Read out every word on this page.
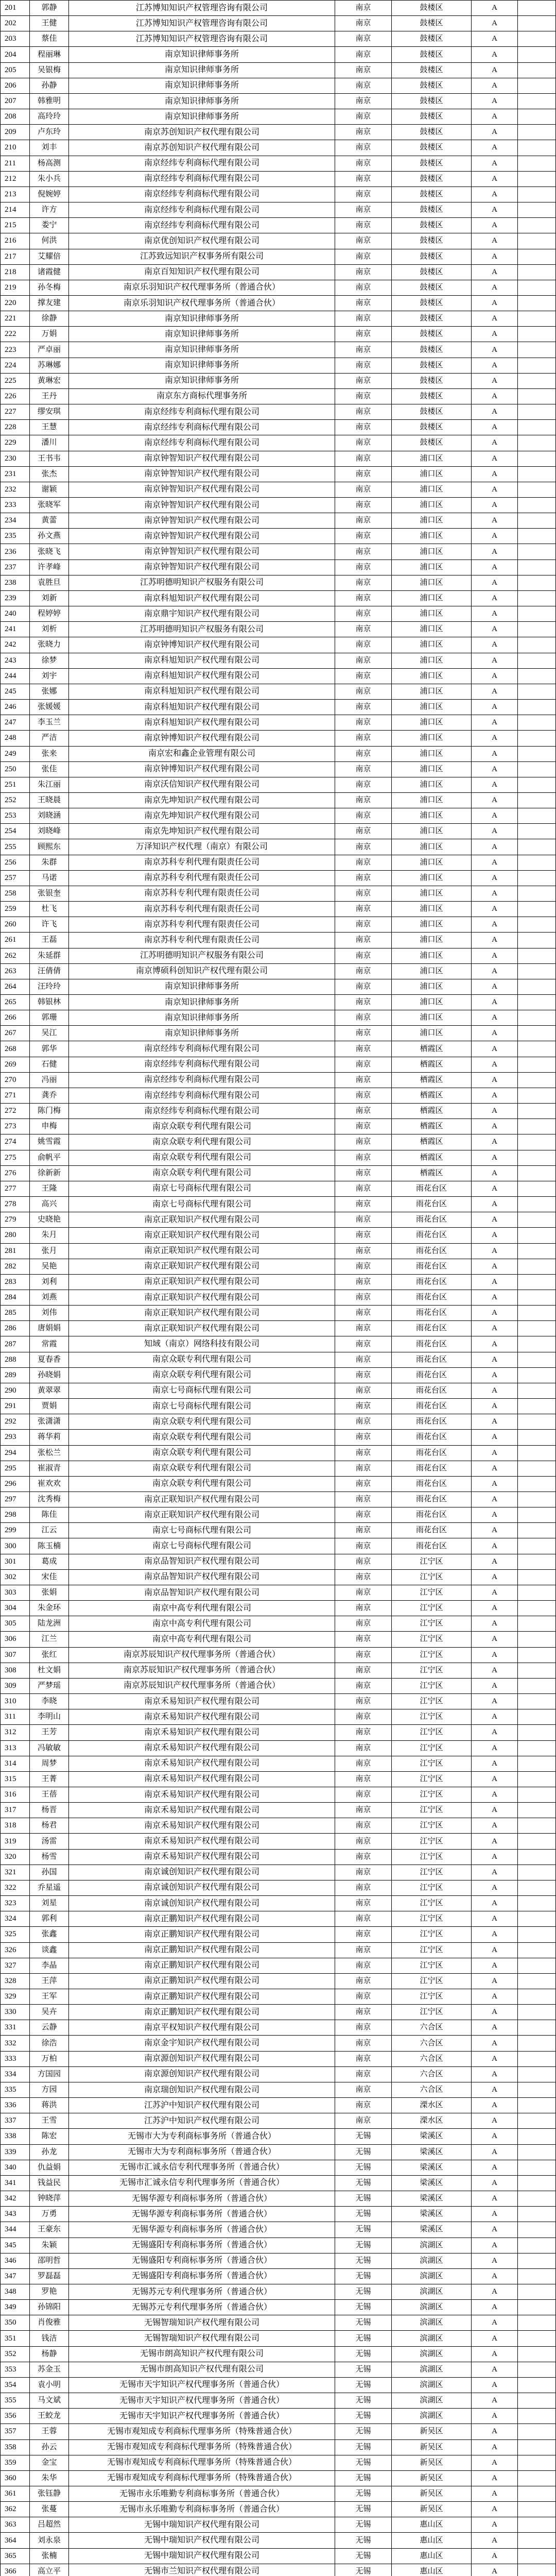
201	郭静	江苏博知知识产权管理咨询有限公司	南京	鼓楼区	A	
202	王健	江苏博知知识产权管理咨询有限公司	南京	鼓楼区	A	
203	蔡佳	江苏博知知识产权管理咨询有限公司	南京	鼓楼区	A	
204	程丽琳	南京知识律师事务所	南京	鼓楼区	A	
205	吴银梅	南京知识律师事务所	南京	鼓楼区	A	
206	孙静	南京知识律师事务所	南京	鼓楼区	A	
207	韩雅明	南京知识律师事务所	南京	鼓楼区	A	
208	高玲玲	南京知识律师事务所	南京	鼓楼区	A	
209	卢东玲	南京苏创知识产权代理有限公司	南京	鼓楼区	A	
210	刘丰	南京苏创知识产权代理有限公司	南京	鼓楼区	A	
211	杨高测	南京经纬专利商标代理有限公司	南京	鼓楼区	A	
212	朱小兵	南京经纬专利商标代理有限公司	南京	鼓楼区	A	
213	倪婉婷	南京经纬专利商标代理有限公司	南京	鼓楼区	A	
214	许方	南京经纬专利商标代理有限公司	南京	鼓楼区	A	
215	娄宁	南京经纬专利商标代理有限公司	南京	鼓楼区	A	
216	何洪	南京优创知识产权代理有限公司	南京	鼓楼区	A	
217	艾耀倍	江苏致远知识产权事务所有限公司	南京	鼓楼区	A	
218	诸霞健	南京百知知识产权代理有限公司	南京	鼓楼区	A	
219	孙冬梅	南京乐羽知识产权代理事务所（普通合伙）	南京	鼓楼区	A	
220	撑友建	南京乐羽知识产权代理事务所（普通合伙）	南京	鼓楼区	A	
221	徐静	南京知识律师事务所	南京	鼓楼区	A	
222	万娟	南京知识律师事务所	南京	鼓楼区	A	
223	严卓丽	南京知识律师事务所	南京	鼓楼区	A	
224	苏琳娜	南京知识律师事务所	南京	鼓楼区	A	
225	黄琳宏	南京知识律师事务所	南京	鼓楼区	A	
226	王丹	南京东方商标代理事务所	南京	鼓楼区	A	
227	缪安琪	南京经纬专利商标代理有限公司	南京	鼓楼区	A	
228	王慧	南京经纬专利商标代理有限公司	南京	鼓楼区	A	
229	潘川	南京经纬专利商标代理有限公司	南京	鼓楼区	A	
230	王书韦	南京钟智知识产权代理有限公司	南京	浦口区	A	
231	张杰	南京钟智知识产权代理有限公司	南京	浦口区	A	
232	谢颖	南京钟智知识产权代理有限公司	南京	浦口区	A	
233	张晓军	南京钟智知识产权代理有限公司	南京	浦口区	A	
234	黄蕾	南京钟智知识产权代理有限公司	南京	浦口区	A	
235	孙文燕	南京钟智知识产权代理有限公司	南京	浦口区	A	
236	张晓飞	南京钟智知识产权代理有限公司	南京	浦口区	A	
237	许孝峰	南京钟智知识产权代理有限公司	南京	浦口区	A	
238	袁胜旦	江苏明德明知识产权服务有限公司	南京	浦口区	A	
239	刘新	南京科旭知识产权代理有限公司	南京	浦口区	A	
240	程婷婷	南京鼎宇知识产权代理有限公司	南京	浦口区	A	
241	刘析	江苏明德明知识产权服务有限公司	南京	浦口区	A	
242	张晓力	南京钟博知识产权代理有限公司	南京	浦口区	A	
243	徐梦	南京科旭知识产权代理有限公司	南京	浦口区	A	
244	刘宇	南京科旭知识产权代理有限公司	南京	浦口区	A	
245	张娜	南京科旭知识产权代理有限公司	南京	浦口区	A	
246	张媛媛	南京科旭知识产权代理有限公司	南京	浦口区	A	
247	李玉兰	南京科旭知识产权代理有限公司	南京	浦口区	A	
248	严洁	南京钟博知识产权代理有限公司	南京	浦口区	A	
249	张来	南京宏和鑫企业管理有限公司	南京	浦口区	A	
250	张佳	南京钟博知识产权代理有限公司	南京	浦口区	A	
251	朱江丽	南京沃信知识产权代理有限公司	南京	浦口区	A	
252	王晓晨	南京先坤知识产权代理有限公司	南京	浦口区	A	
253	刘晓涵	南京先坤知识产权代理有限公司	南京	浦口区	A	
254	刘晓峰	南京先坤知识产权代理有限公司	南京	浦口区	A	
255	顾熙东	万泽知识产权代理（南京）有限公司	南京	浦口区	A	
256	朱群	南京苏科专利代理有限责任公司	南京	浦口区	A	
257	马诺	南京苏科专利代理有限责任公司	南京	浦口区	A	
258	张银奎	南京苏科专利代理有限责任公司	南京	浦口区	A	
259	杜飞	南京苏科专利代理有限责任公司	南京	浦口区	A	
260	许飞	南京苏科专利代理有限责任公司	南京	浦口区	A	
261	王磊	南京苏科专利代理有限责任公司	南京	浦口区	A	
262	朱延群	江苏明德明知识产权服务有限公司	南京	浦口区	A	
263	汪倩倩	南京博硕科创知识产权代理有限公司	南京	浦口区	A	
264	汪玲玲	南京知识律师事务所	南京	浦口区	A	
265	韩银林	南京知识律师事务所	南京	浦口区	A	
266	郭珊	南京知识律师事务所	南京	浦口区	A	
267	吴江	南京知识律师事务所	南京	浦口区	A	
268	郭华	南京经纬专利商标代理有限公司	南京	栖霞区	A	
269	石健	南京经纬专利商标代理有限公司	南京	栖霞区	A	
270	冯丽	南京经纬专利商标代理有限公司	南京	栖霞区	A	
271	龚乔	南京经纬专利商标代理有限公司	南京	栖霞区	A	
272	陈门梅	南京经纬专利商标代理有限公司	南京	栖霞区	A	
273	申梅	南京众联专利代理有限公司	南京	栖霞区	A	
274	姚雪霞	南京众联专利代理有限公司	南京	栖霞区	A	
275	俞帆平	南京众联专利代理有限公司	南京	栖霞区	A	
276	徐新新	南京众联专利代理有限公司	南京	栖霞区	A	
277	王隆	南京七号商标代理有限公司	南京	雨花台区	A	
278	高兴	南京七号商标代理有限公司	南京	雨花台区	A	
279	史晓艳	南京正联知识产权代理有限公司	南京	雨花台区	A	
280	朱月	南京正联知识产权代理有限公司	南京	雨花台区	A	
281	张月	南京正联知识产权代理有限公司	南京	雨花台区	A	
282	吴艳	南京正联知识产权代理有限公司	南京	雨花台区	A	
283	刘利	南京正联知识产权代理有限公司	南京	雨花台区	A	
284	刘燕	南京正联知识产权代理有限公司	南京	雨花台区	A	
285	刘伟	南京正联知识产权代理有限公司	南京	雨花台区	A	
286	唐娟娟	南京正联知识产权代理有限公司	南京	雨花台区	A	
287	常霞	知域（南京）网络科技有限公司	南京	雨花台区	A	
288	夏春香	南京众联专利代理有限公司	南京	雨花台区	A	
289	孙晓娟	南京众联专利代理有限公司	南京	雨花台区	A	
290	黄翠翠	南京七号商标代理有限公司	南京	雨花台区	A	
291	贾娟	南京七号商标代理有限公司	南京	雨花台区	A	
292	张潇潇	南京众联专利代理有限公司	南京	雨花台区	A	
293	蒋华莉	南京众联专利代理有限公司	南京	雨花台区	A	
294	张松兰	南京众联专利代理有限公司	南京	雨花台区	A	
295	崔淑青	南京众联专利代理有限公司	南京	雨花台区	A	
296	崔欢欢	南京众联专利代理有限公司	南京	雨花台区	A	
297	沈秀梅	南京正联知识产权代理有限公司	南京	雨花台区	A	
298	陈佳	南京正联知识产权代理有限公司	南京	雨花台区	A	
299	江云	南京七号商标代理有限公司	南京	雨花台区	A	
300	陈玉楠	南京七号商标代理有限公司	南京	雨花台区	A	
301	葛成	南京品智知识产权代理有限公司	南京	江宁区	A	
302	宋佳	南京品智知识产权代理有限公司	南京	江宁区	A	
303	张娟	南京品智知识产权代理有限公司	南京	江宁区	A	
304	朱金环	南京中高专利代理有限公司	南京	江宁区	A	
305	陆龙洲	南京中高专利代理有限公司	南京	江宁区	A	
306	江兰	南京中高专利代理有限公司	南京	江宁区	A	
307	张红	南京苏辰知识产权代理事务所（普通合伙）	南京	江宁区	A	
308	杜文娟	南京苏辰知识产权代理事务所（普通合伙）	南京	江宁区	A	
309	严梦瑶	南京苏辰知识产权代理事务所（普通合伙）	南京	江宁区	A	
310	李晓	南京禾易知识产权代理有限公司	南京	江宁区	A	
311	李明山	南京禾易知识产权代理有限公司	南京	江宁区	A	
312	王芳	南京禾易知识产权代理有限公司	南京	江宁区	A	
313	冯敏敏	南京禾易知识产权代理有限公司	南京	江宁区	A	
314	周梦	南京禾易知识产权代理有限公司	南京	江宁区	A	
315	王菁	南京禾易知识产权代理有限公司	南京	江宁区	A	
316	王蓓	南京禾易知识产权代理有限公司	南京	江宁区	A	
317	杨晋	南京禾易知识产权代理有限公司	南京	江宁区	A	
318	杨君	南京禾易知识产权代理有限公司	南京	江宁区	A	
319	汤雷	南京禾易知识产权代理有限公司	南京	江宁区	A	
320	杨雪	南京禾易知识产权代理有限公司	南京	江宁区	A	
321	孙国	南京诚创知识产权代理有限公司	南京	江宁区	A	
322	乔星遥	南京诚创知识产权代理有限公司	南京	江宁区	A	
323	刘星	南京诚创知识产权代理有限公司	南京	江宁区	A	
324	郭利	南京正鹏知识产权代理有限公司	南京	江宁区	A	
325	张鑫	南京正鹏知识产权代理有限公司	南京	江宁区	A	
326	谈鑫	南京正鹏知识产权代理有限公司	南京	江宁区	A	
327	李晶	南京正鹏知识产权代理有限公司	南京	江宁区	A	
328	王萍	南京正鹏知识产权代理有限公司	南京	江宁区	A	
329	王军	南京正鹏知识产权代理有限公司	南京	江宁区	A	
330	吴卉	南京正鹏知识产权代理有限公司	南京	江宁区	A	
331	云静	南京平权知识产权代理有限公司	南京	六合区	A	
332	徐浩	南京金宇知识产权代理有限公司	南京	六合区	A	
333	万柏	南京源创知识产权代理有限公司	南京	六合区	A	
334	方国园	南京源创知识产权代理有限公司	南京	六合区	A	
335	方园	南京瑞创知识产权代理有限公司	南京	六合区	A	
336	蒋洪	江苏沪中知识产权代理有限公司	南京	溧水区	A	
337	王雪	江苏沪中知识产权代理有限公司	南京	溧水区	A	
338	陈宏	无锡市大为专利商标事务所（普通合伙）	无锡	梁溪区	A	
339	孙龙	无锡市大为专利商标事务所（普通合伙）	无锡	梁溪区	A	
340	仇益娟	无锡市汇诚永信专利代理事务所（普通合伙）	无锡	梁溪区	A	
341	钱益民	无锡市汇诚永信专利代理事务所（普通合伙）	无锡	梁溪区	A	
342	钟晓萍	无锡华源专利商标事务所（普通合伙）	无锡	梁溪区	A	
343	万勇	无锡华源专利商标事务所（普通合伙）	无锡	梁溪区	A	
344	王豪东	无锡华源专利商标事务所（普通合伙）	无锡	梁溪区	A	
345	朱颖	无锡盛阳专利商标事务所（普通合伙）	无锡	滨湖区	A	
346	邵明哲	无锡盛阳专利商标事务所（普通合伙）	无锡	滨湖区	A	
347	罗磊磊	无锡盛阳专利商标事务所（普通合伙）	无锡	滨湖区	A	
348	罗艳	无锡苏元专利代理事务所（普通合伙）	无锡	滨湖区	A	
349	孙锦阳	无锡苏元专利代理事务所（普通合伙）	无锡	滨湖区	A	
350	肖俊雅	无锡智瑞知识产权代理有限公司	无锡	滨湖区	A	
351	钱洁	无锡智瑞知识产权代理有限公司	无锡	滨湖区	A	
352	杨静	无锡市朗高知识产权代理有限公司	无锡	滨湖区	A	
353	苏金玉	无锡市朗高知识产权代理有限公司	无锡	滨湖区	A	
354	袁小明	无锡市天宇知识产权代理事务所（普通合伙）	无锡	滨湖区	A	
355	马文斌	无锡市天宇知识产权代理事务所（普通合伙）	无锡	滨湖区	A	
356	王蛟龙	无锡市天宇知识产权代理事务所（普通合伙）	无锡	滨湖区	A	
357	王蓉	无锡市观知成专利商标代理事务所（特殊普通合伙）	无锡	新吴区	A	
358	孙云	无锡市观知成专利商标代理事务所（特殊普通合伙）	无锡	新吴区	A	
359	金宝	无锡市观知成专利商标代理事务所（特殊普通合伙）	无锡	新吴区	A	
360	朱华	无锡市观知成专利商标代理事务所（特殊普通合伙）	无锡	新吴区	A	
361	张钰静	无锡市永乐唯勤专利商标事务所（普通合伙）	无锡	新吴区	A	
362	张蔓	无锡市永乐唯勤专利商标事务所（普通合伙）	无锡	新吴区	A	
363	吕超然	无锡中瑞知识产权代理有限公司	无锡	惠山区	A	
364	刘永泉	无锡中瑞知识产权代理有限公司	无锡	惠山区	A	
365	张楠	无锡中瑞知识产权代理有限公司	无锡	惠山区	A	
366	高立平	无锡市兰知识产权代理有限公司	无锡	惠山区	A	
